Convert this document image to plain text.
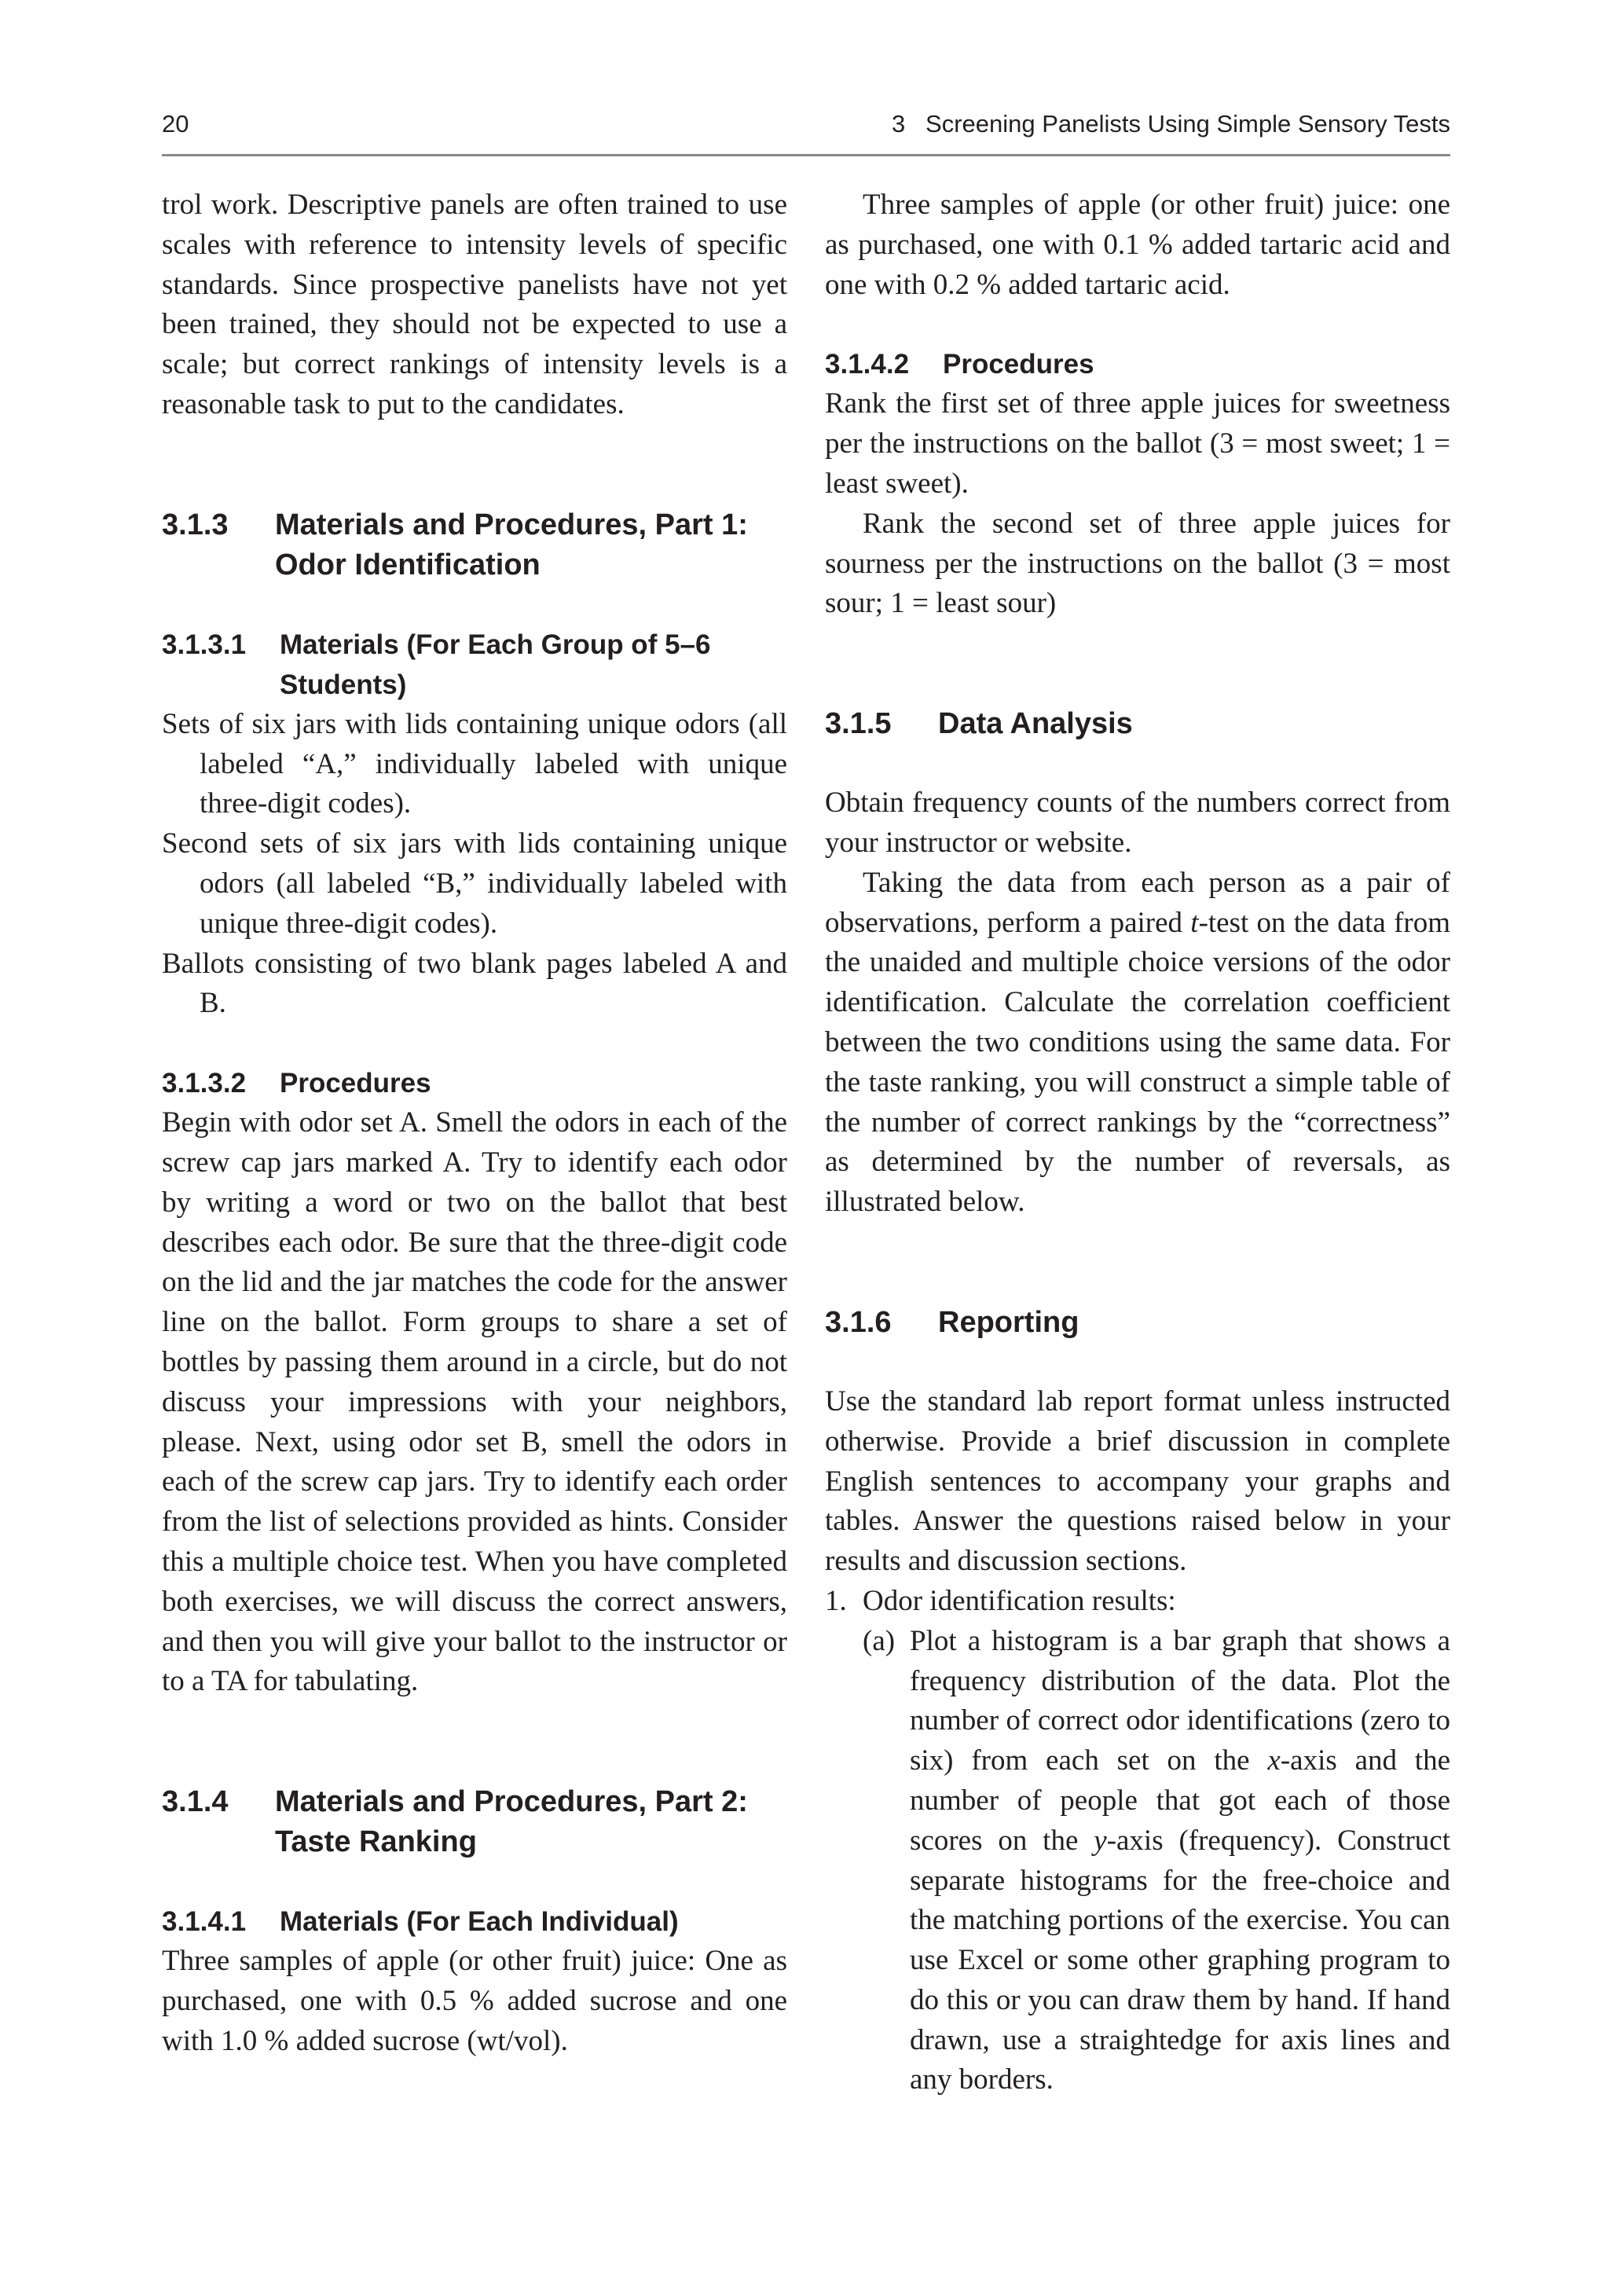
20	3   Screening Panelists Using Simple Sensory Tests

trol work. Descriptive panels are often trained to use scales with reference to intensity levels of specific standards. Since prospective panelists have not yet been trained, they should not be expected to use a scale; but correct rankings of intensity levels is a reasonable task to put to the candidates.

3.1.3 Materials and Procedures, Part 1: Odor Identification
3.1.3.1 Materials (For Each Group of 5–6 Students)

Sets of six jars with lids containing unique odors (all labeled “A,” individually labeled with unique three-digit codes).

Second sets of six jars with lids containing unique odors (all labeled “B,” individually labeled with unique three-digit codes).

Ballots consisting of two blank pages labeled A and B.

3.1.3.2 Procedures

Begin with odor set A. Smell the odors in each of the screw cap jars marked A. Try to identify each odor by writing a word or two on the ballot that best describes each odor. Be sure that the three-digit code on the lid and the jar matches the code for the answer line on the ballot. Form groups to share a set of bottles by passing them around in a circle, but do not discuss your impressions with your neighbors, please. Next, using odor set B, smell the odors in each of the screw cap jars. Try to identify each order from the list of selections provided as hints. Consider this a multiple choice test. When you have completed both exercises, we will discuss the correct answers, and then you will give your ballot to the instructor or to a TA for tabulating.

3.1.4 Materials and Procedures, Part 2: Taste Ranking
3.1.4.1 Materials (For Each Individual)

Three samples of apple (or other fruit) juice: One as purchased, one with 0.5 % added sucrose and one with 1.0 % added sucrose (wt/vol).

Three samples of apple (or other fruit) juice: one as purchased, one with 0.1 % added tartaric acid and one with 0.2 % added tartaric acid.

3.1.4.2 Procedures

Rank the first set of three apple juices for sweetness per the instructions on the ballot (3 = most sweet; 1 = least sweet).

Rank the second set of three apple juices for sourness per the instructions on the ballot (3 = most sour; 1 = least sour)

3.1.5 Data Analysis

Obtain frequency counts of the numbers correct from your instructor or website.

Taking the data from each person as a pair of observations, perform a paired t-test on the data from the unaided and multiple choice versions of the odor identification. Calculate the correlation coefficient between the two conditions using the same data. For the taste ranking, you will construct a simple table of the number of correct rankings by the “correctness” as determined by the number of reversals, as illustrated below.

3.1.6 Reporting

Use the standard lab report format unless instructed otherwise. Provide a brief discussion in complete English sentences to accompany your graphs and tables. Answer the questions raised below in your results and discussion sections.

1. Odor identification results:
(a) Plot a histogram is a bar graph that shows a frequency distribution of the data. Plot the number of correct odor identifications (zero to six) from each set on the x-axis and the number of people that got each of those scores on the y-axis (frequency). Construct separate histograms for the free-choice and the matching portions of the exercise. You can use Excel or some other graphing program to do this or you can draw them by hand. If hand drawn, use a straightedge for axis lines and any borders.
